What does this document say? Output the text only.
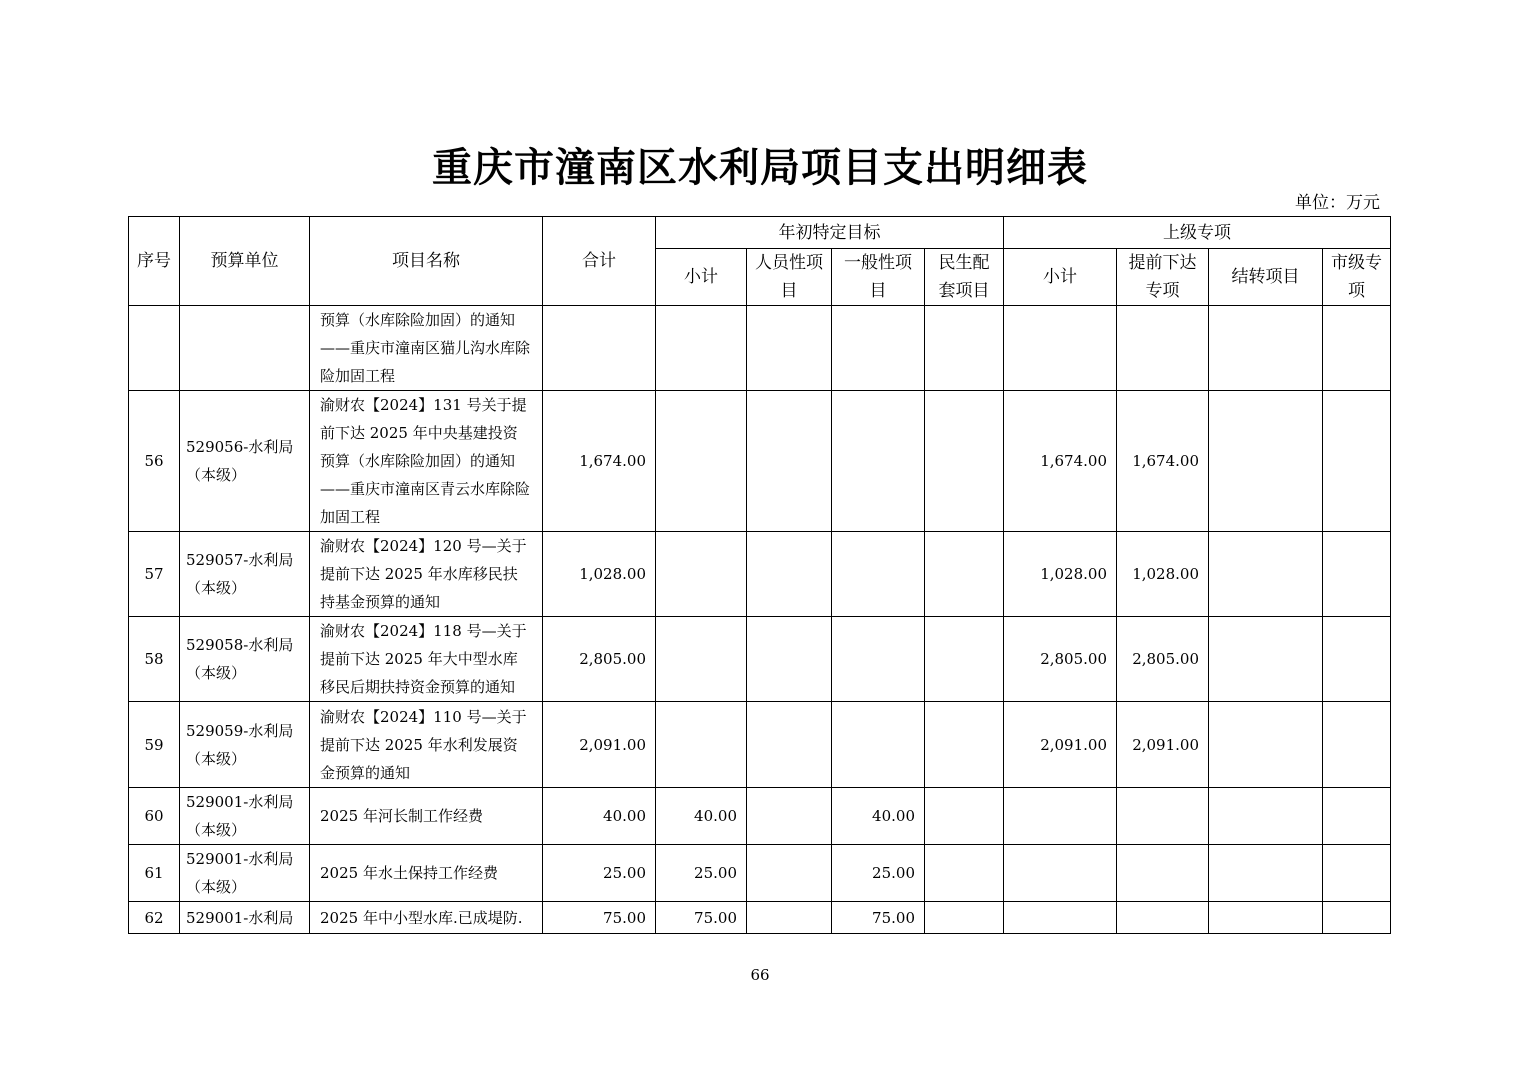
重庆市潼南区水利局项目支出明细表
单位：万元
序号	预算单位	项目名称	合计	年初特定目标				上级专项			
				小计	人员性项目	一般性项目	民生配套项目	小计	提前下达专项	结转项目	市级专项
		预算（水库除险加固）的通知——重庆市潼南区猫儿沟水库除险加固工程									
56	529056-水利局（本级）	渝财农【2024】131 号关于提前下达 2025 年中央基建投资预算（水库除险加固）的通知——重庆市潼南区青云水库除险加固工程	1,674.00					1,674.00	1,674.00		
57	529057-水利局（本级）	渝财农【2024】120 号—关于提前下达 2025 年水库移民扶持基金预算的通知	1,028.00					1,028.00	1,028.00		
58	529058-水利局（本级）	渝财农【2024】118 号—关于提前下达 2025 年大中型水库移民后期扶持资金预算的通知	2,805.00					2,805.00	2,805.00		
59	529059-水利局（本级）	渝财农【2024】110 号—关于提前下达 2025 年水利发展资金预算的通知	2,091.00					2,091.00	2,091.00		
60	529001-水利局（本级）	2025 年河长制工作经费	40.00	40.00		40.00					
61	529001-水利局（本级）	2025 年水土保持工作经费	25.00	25.00		25.00					
62	529001-水利局	2025 年中小型水库.已成堤防.	75.00	75.00		75.00					
66
